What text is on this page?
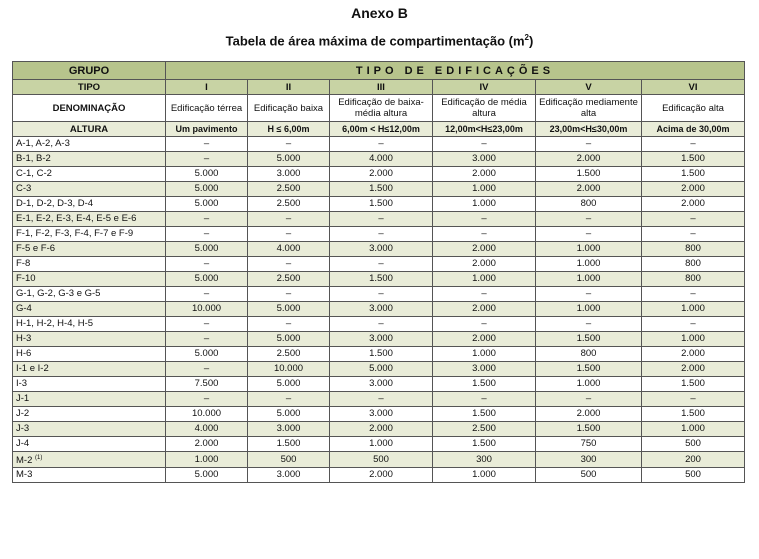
Anexo B
Tabela de área máxima de compartimentação $(m^2)$
GRUPO	TIPO DE EDIFICAÇÕES					
TIPO	I	II	III	IV	V	VI
DENOMINAÇÃO	Edificação térrea	Edificação baixa	Edificação de baixa-média altura	Edificação de média altura	Edificação mediamente alta	Edificação alta
ALTURA	Um pavimento	H ≤ 6,00m	6,00m < H≤12,00m	12,00m<H≤23,00m	23,00m<H≤30,00m	Acima de 30,00m
A-1, A-2, A-3	–	–	–	–	–	–
B-1, B-2	–	5.000	4.000	3.000	2.000	1.500
C-1, C-2	5.000	3.000	2.000	2.000	1.500	1.500
C-3	5.000	2.500	1.500	1.000	2.000	2.000
D-1, D-2, D-3, D-4	5.000	2.500	1.500	1.000	800	2.000
E-1, E-2, E-3, E-4, E-5 e E-6	–	–	–	–	–	–
F-1, F-2, F-3, F-4, F-7 e F-9	–	–	–	–	–	–
F-5 e F-6	5.000	4.000	3.000	2.000	1.000	800
F-8	–	–	–	2.000	1.000	800
F-10	5.000	2.500	1.500	1.000	1.000	800
G-1, G-2, G-3 e G-5	–	–	–	–	–	–
G-4	10.000	5.000	3.000	2.000	1.000	1.000
H-1, H-2, H-4, H-5	–	–	–	–	–	–
H-3	–	5.000	3.000	2.000	1.500	1.000
H-6	5.000	2.500	1.500	1.000	800	2.000
I-1 e I-2	–	10.000	5.000	3.000	1.500	2.000
I-3	7.500	5.000	3.000	1.500	1.000	1.500
J-1	–	–	–	–	–	–
J-2	10.000	5.000	3.000	1.500	2.000	1.500
J-3	4.000	3.000	2.000	2.500	1.500	1.000
J-4	2.000	1.500	1.000	1.500	750	500
M-2 $^{(1)}$	1.000	500	500	300	300	200
M-3	5.000	3.000	2.000	1.000	500	500
